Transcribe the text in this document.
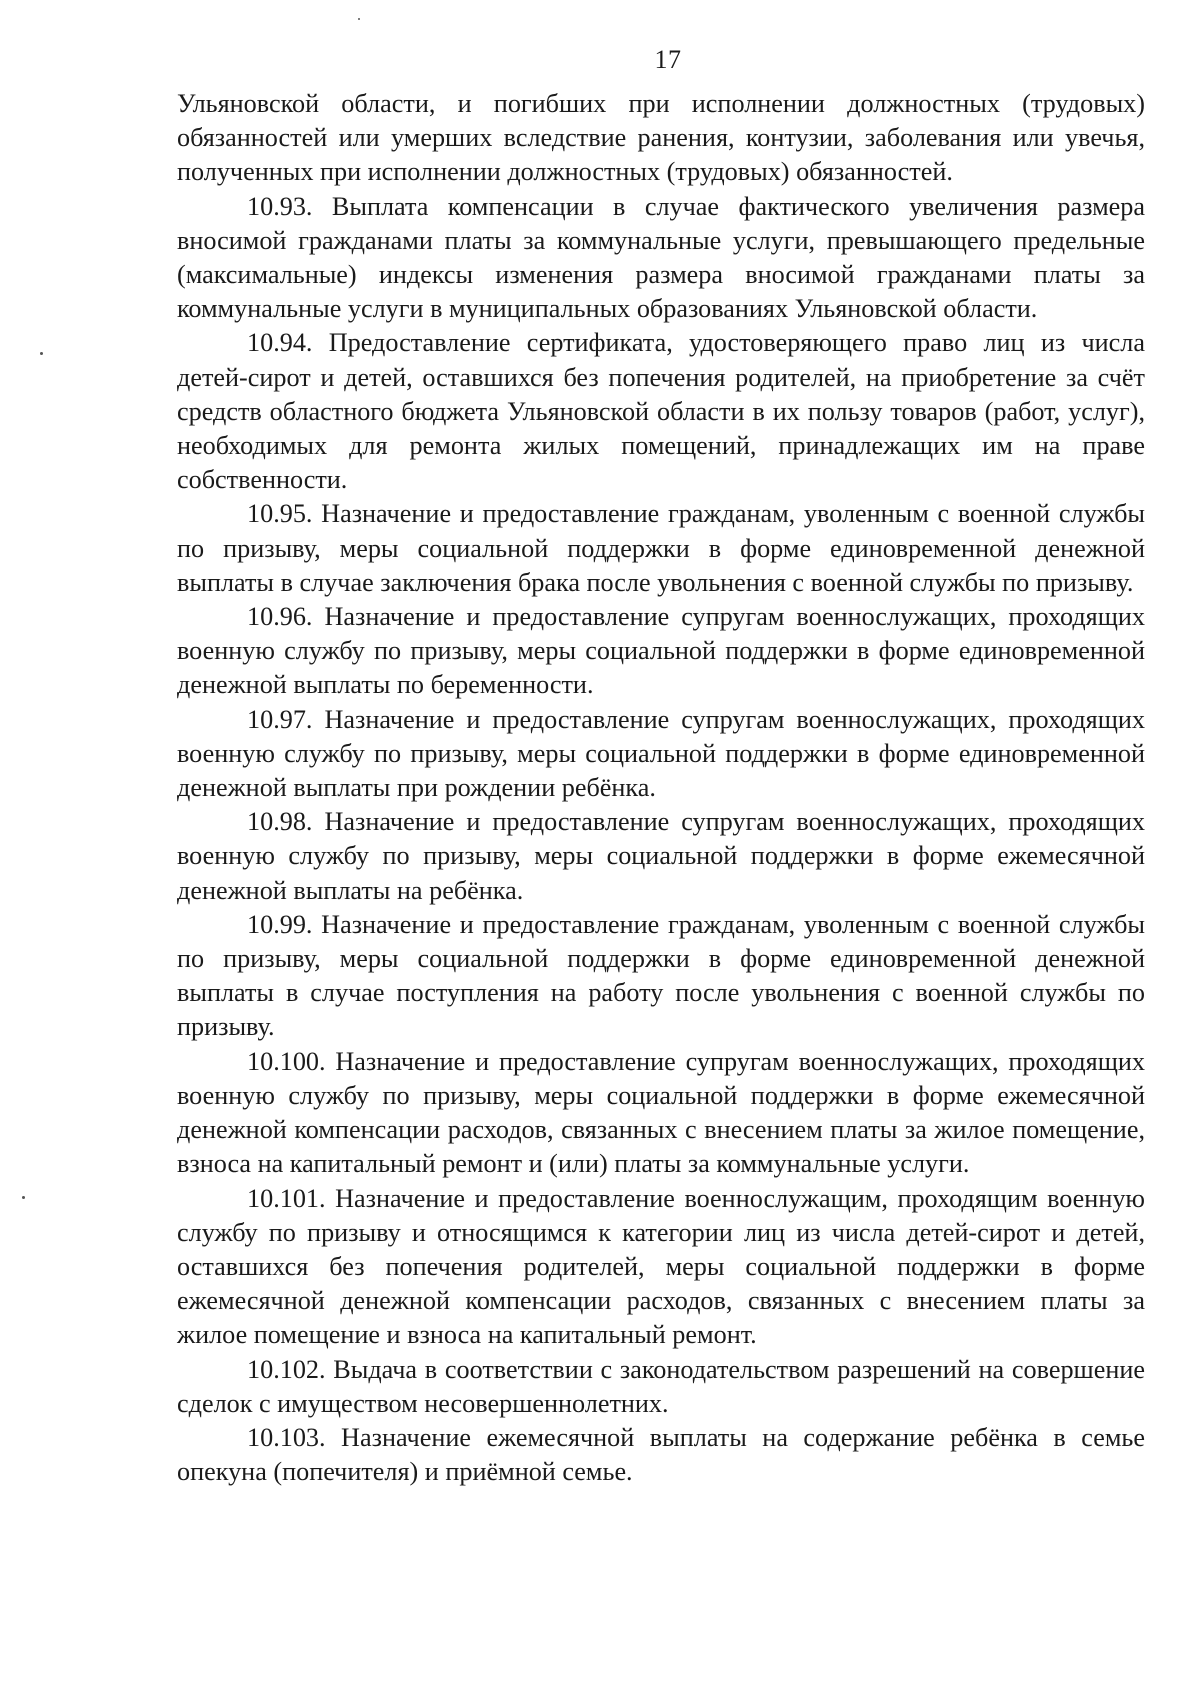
17

Ульяновской области, и погибших при исполнении должностных (трудовых) обязанностей или умерших вследствие ранения, контузии, заболевания или увечья, полученных при исполнении должностных (трудовых) обязанностей.

10.93. Выплата компенсации в случае фактического увеличения размера вносимой гражданами платы за коммунальные услуги, превышающего предельные (максимальные) индексы изменения размера вносимой гражданами платы за коммунальные услуги в муниципальных образованиях Ульяновской области.

10.94. Предоставление сертификата, удостоверяющего право лиц из числа детей-сирот и детей, оставшихся без попечения родителей, на приобретение за счёт средств областного бюджета Ульяновской области в их пользу товаров (работ, услуг), необходимых для ремонта жилых помещений, принадлежащих им на праве собственности.

10.95. Назначение и предоставление гражданам, уволенным с военной службы по призыву, меры социальной поддержки в форме единовременной денежной выплаты в случае заключения брака после увольнения с военной службы по призыву.

10.96. Назначение и предоставление супругам военнослужащих, проходящих военную службу по призыву, меры социальной поддержки в форме единовременной денежной выплаты по беременности.

10.97. Назначение и предоставление супругам военнослужащих, проходящих военную службу по призыву, меры социальной поддержки в форме единовременной денежной выплаты при рождении ребёнка.

10.98. Назначение и предоставление супругам военнослужащих, проходящих военную службу по призыву, меры социальной поддержки в форме ежемесячной денежной выплаты на ребёнка.

10.99. Назначение и предоставление гражданам, уволенным с военной службы по призыву, меры социальной поддержки в форме единовременной денежной выплаты в случае поступления на работу после увольнения с военной службы по призыву.

10.100. Назначение и предоставление супругам военнослужащих, проходящих военную службу по призыву, меры социальной поддержки в форме ежемесячной денежной компенсации расходов, связанных с внесением платы за жилое помещение, взноса на капитальный ремонт и (или) платы за коммунальные услуги.

10.101. Назначение и предоставление военнослужащим, проходящим военную службу по призыву и относящимся к категории лиц из числа детей-сирот и детей, оставшихся без попечения родителей, меры социальной поддержки в форме ежемесячной денежной компенсации расходов, связанных с внесением платы за жилое помещение и взноса на капитальный ремонт.

10.102. Выдача в соответствии с законодательством разрешений на совершение сделок с имуществом несовершеннолетних.

10.103. Назначение ежемесячной выплаты на содержание ребёнка в семье опекуна (попечителя) и приёмной семье.
